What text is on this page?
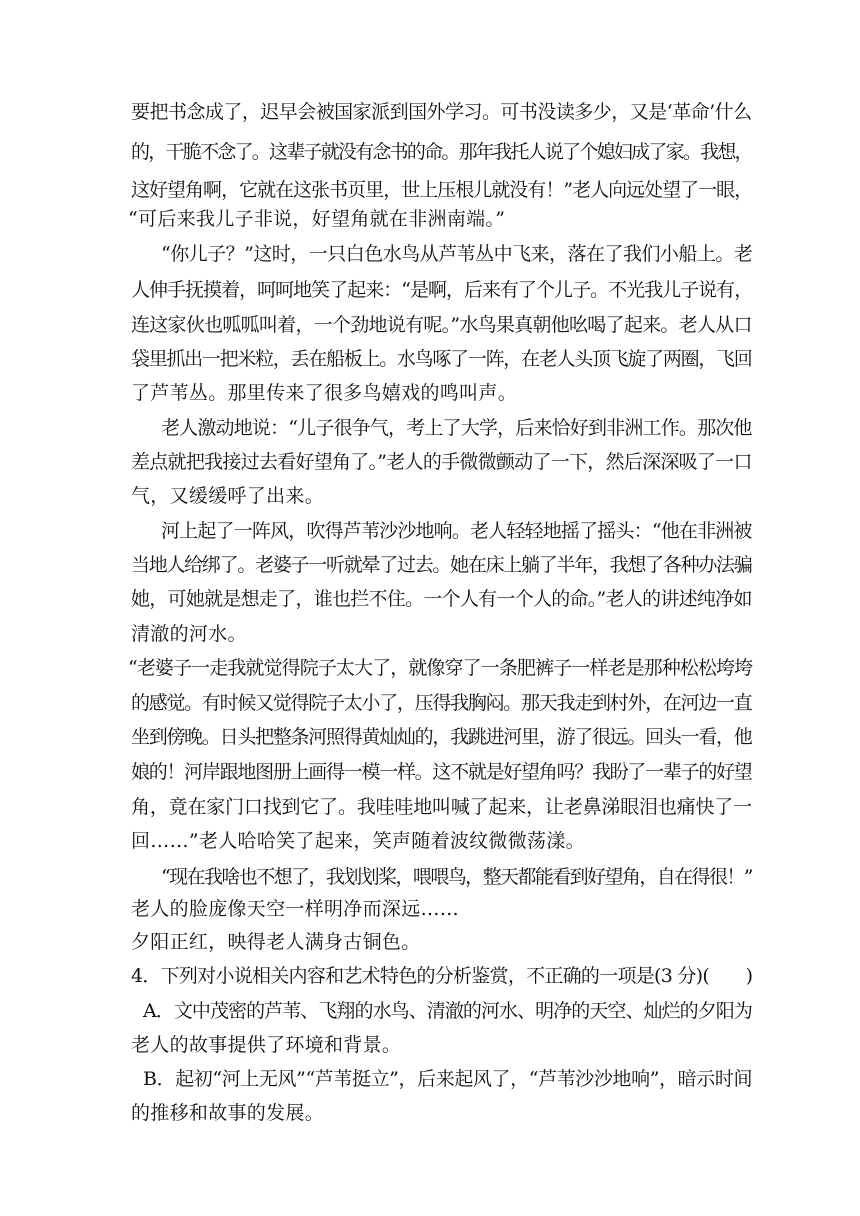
要把书念成了，迟早会被国家派到国外学习。可书没读多少，又是‘革命’什么
的，干脆不念了。这辈子就没有念书的命。那年我托人说了个媳妇成了家。我想，
这好望角啊，它就在这张书页里，世上压根儿就没有！”老人向远处望了一眼，
“可后来我儿子非说，好望角就在非洲南端。”
“你儿子？”这时，一只白色水鸟从芦苇丛中飞来，落在了我们小船上。老
人伸手抚摸着，呵呵地笑了起来：“是啊，后来有了个儿子。不光我儿子说有，
连这家伙也呱呱叫着，一个劲地说有呢。”水鸟果真朝他吆喝了起来。老人从口
袋里抓出一把米粒，丢在船板上。水鸟啄了一阵，在老人头顶飞旋了两圈，飞回
了芦苇丛。那里传来了很多鸟嬉戏的鸣叫声。
老人激动地说：“儿子很争气，考上了大学，后来恰好到非洲工作。那次他
差点就把我接过去看好望角了。”老人的手微微颤动了一下，然后深深吸了一口
气，又缓缓呼了出来。
河上起了一阵风，吹得芦苇沙沙地响。老人轻轻地摇了摇头：“他在非洲被
当地人给绑了。老婆子一听就晕了过去。她在床上躺了半年，我想了各种办法骗
她，可她就是想走了，谁也拦不住。一个人有一个人的命。”老人的讲述纯净如
清澈的河水。
“老婆子一走我就觉得院子太大了，就像穿了一条肥裤子一样老是那种松松垮垮
的感觉。有时候又觉得院子太小了，压得我胸闷。那天我走到村外，在河边一直
坐到傍晚。日头把整条河照得黄灿灿的，我跳进河里，游了很远。回头一看，他
娘的！河岸跟地图册上画得一模一样。这不就是好望角吗？我盼了一辈子的好望
角，竟在家门口找到它了。我哇哇地叫喊了起来，让老鼻涕眼泪也痛快了一
回……”老人哈哈笑了起来，笑声随着波纹微微荡漾。
“现在我啥也不想了，我划划桨，喂喂鸟，整天都能看到好望角，自在得很！”
老人的脸庞像天空一样明净而深远……
夕阳正红，映得老人满身古铜色。
4．下列对小说相关内容和艺术特色的分析鉴赏，不正确的一项是(3 分)(　　)
A．文中茂密的芦苇、飞翔的水鸟、清澈的河水、明净的天空、灿烂的夕阳为
老人的故事提供了环境和背景。
B．起初“河上无风”“芦苇挺立”，后来起风了，“芦苇沙沙地响”，暗示时间
的推移和故事的发展。
